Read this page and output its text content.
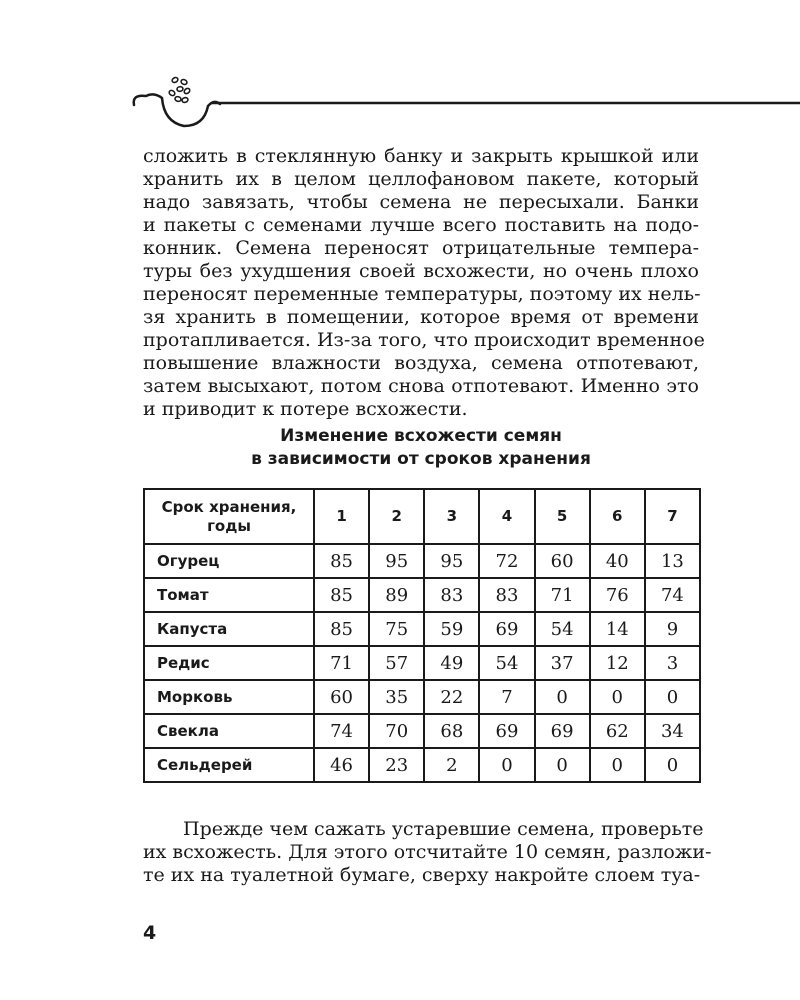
сложить в стеклянную банку и закрыть крышкой или
хранить их в целом целлофановом пакете, который
надо завязать, чтобы семена не пересыхали. Банки
и пакеты с семенами лучше всего поставить на подо-
конник. Семена переносят отрицательные темпера-
туры без ухудшения своей всхожести, но очень плохо
переносят переменные температуры, поэтому их нель-
зя хранить в помещении, которое время от времени
протапливается. Из-за того, что происходит временное
повышение влажности воздуха, семена отпотевают,
затем высыхают, потом снова отпотевают. Именно это
и приводит к потере всхожести.
Изменение всхожести семян
в зависимости от сроков хранения
Срок хранения,
годы	1	2	3	4	5	6	7
Огурец	85	95	95	72	60	40	13
Томат	85	89	83	83	71	76	74
Капуста	85	75	59	69	54	14	9
Редис	71	57	49	54	37	12	3
Морковь	60	35	22	7	0	0	0
Свекла	74	70	68	69	69	62	34
Сельдерей	46	23	2	0	0	0	0
Прежде чем сажать устаревшие семена, проверьте
их всхожесть. Для этого отсчитайте 10 семян, разложи-
те их на туалетной бумаге, сверху накройте слоем туа-
4
